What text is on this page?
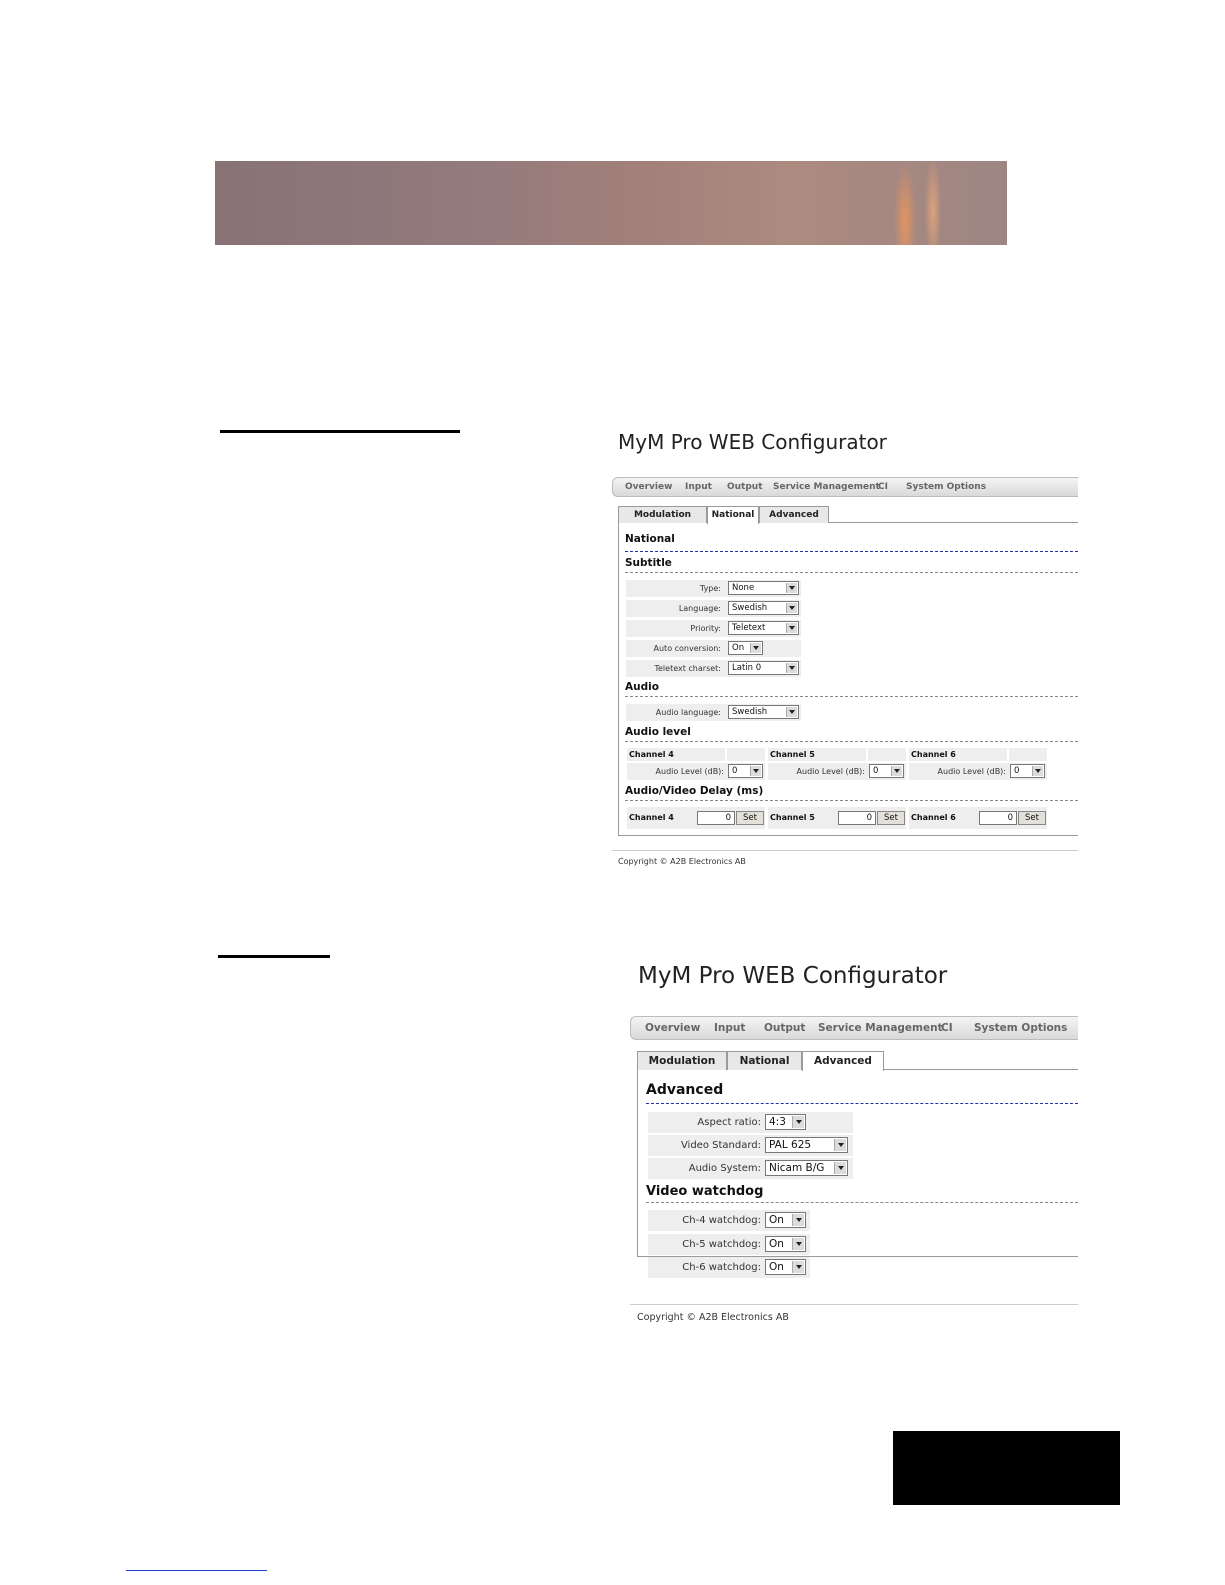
MyM Pro WEB Configurator
Overview Input Output Service Management
CI System Options
Modulation	National	Advanced
National
Subtitle
Type: None
Language: Swedish
Priority: Teletext
Auto conversion: On
Teletext charset: Latin 0
Audio
Audio language: Swedish
Audio level
Channel 4	Channel 5	Channel 6
Audio Level (dB): 0	Audio Level (dB): 0	Audio Level (dB): 0
Audio/Video Delay (ms)
Channel 4	0	Set	Channel 5	0	Set	Channel 6	0	Set
Copyright © A2B Electronics AB
MyM Pro WEB Configurator
Overview Input Output Service Management
CI System Options
Modulation	National	Advanced
Advanced
Aspect ratio: 4:3
Video Standard: PAL 625
Audio System: Nicam B/G
Video watchdog
Ch-4 watchdog: On
Ch-5 watchdog: On
Ch-6 watchdog: On
Copyright © A2B Electronics AB
